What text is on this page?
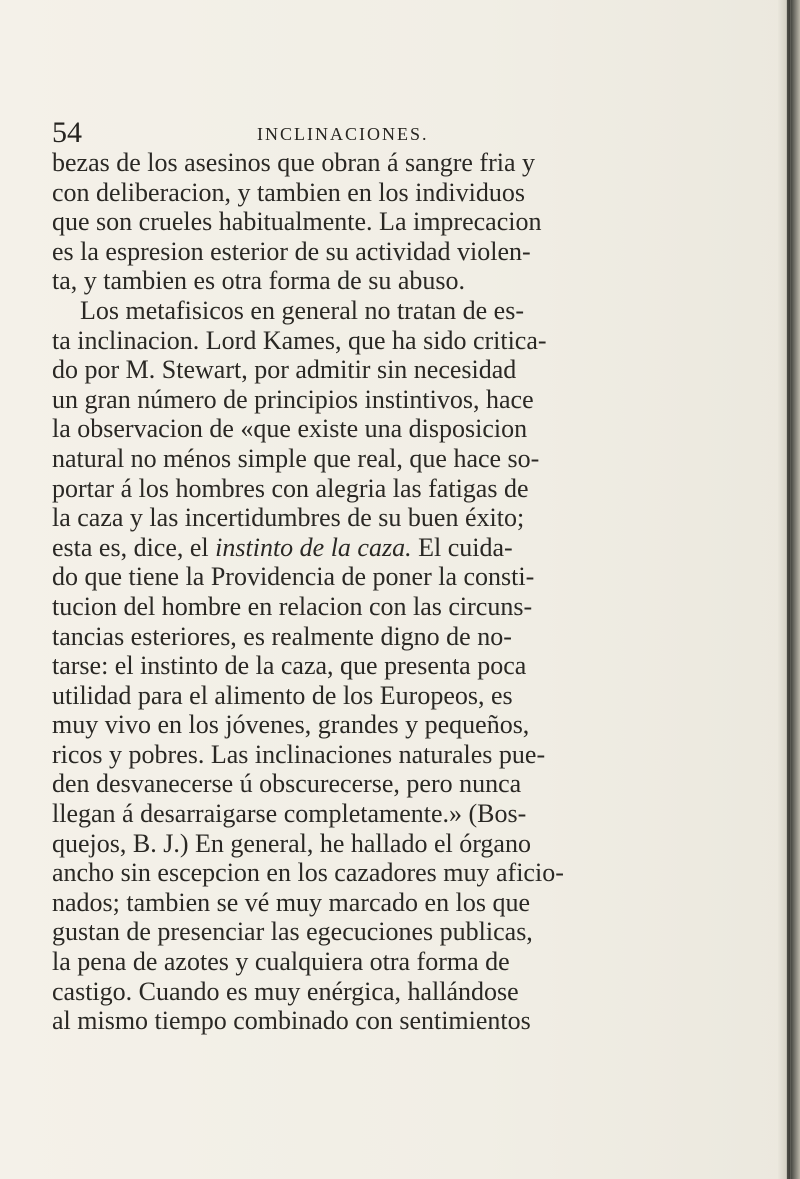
54	INCLINACIONES.
bezas de los asesinos que obran á sangre fria y
con deliberacion, y tambien en los individuos
que son crueles habitualmente. La imprecacion
es la espresion esterior de su actividad violen-
ta, y tambien es otra forma de su abuso.
Los metafisicos en general no tratan de es-
ta inclinacion. Lord Kames, que ha sido critica-
do por M. Stewart, por admitir sin necesidad
un gran número de principios instintivos, hace
la observacion de «que existe una disposicion
natural no ménos simple que real, que hace so-
portar á los hombres con alegria las fatigas de
la caza y las incertidumbres de su buen éxito;
esta es, dice, el instinto de la caza. El cuida-
do que tiene la Providencia de poner la consti-
tucion del hombre en relacion con las circuns-
tancias esteriores, es realmente digno de no-
tarse: el instinto de la caza, que presenta poca
utilidad para el alimento de los Europeos, es
muy vivo en los jóvenes, grandes y pequeños,
ricos y pobres. Las inclinaciones naturales pue-
den desvanecerse ú obscurecerse, pero nunca
llegan á desarraigarse completamente.» (Bos-
quejos, B. J.) En general, he hallado el órgano
ancho sin escepcion en los cazadores muy aficio-
nados; tambien se vé muy marcado en los que
gustan de presenciar las egecuciones publicas,
la pena de azotes y cualquiera otra forma de
castigo. Cuando es muy enérgica, hallándose
al mismo tiempo combinado con sentimientos
